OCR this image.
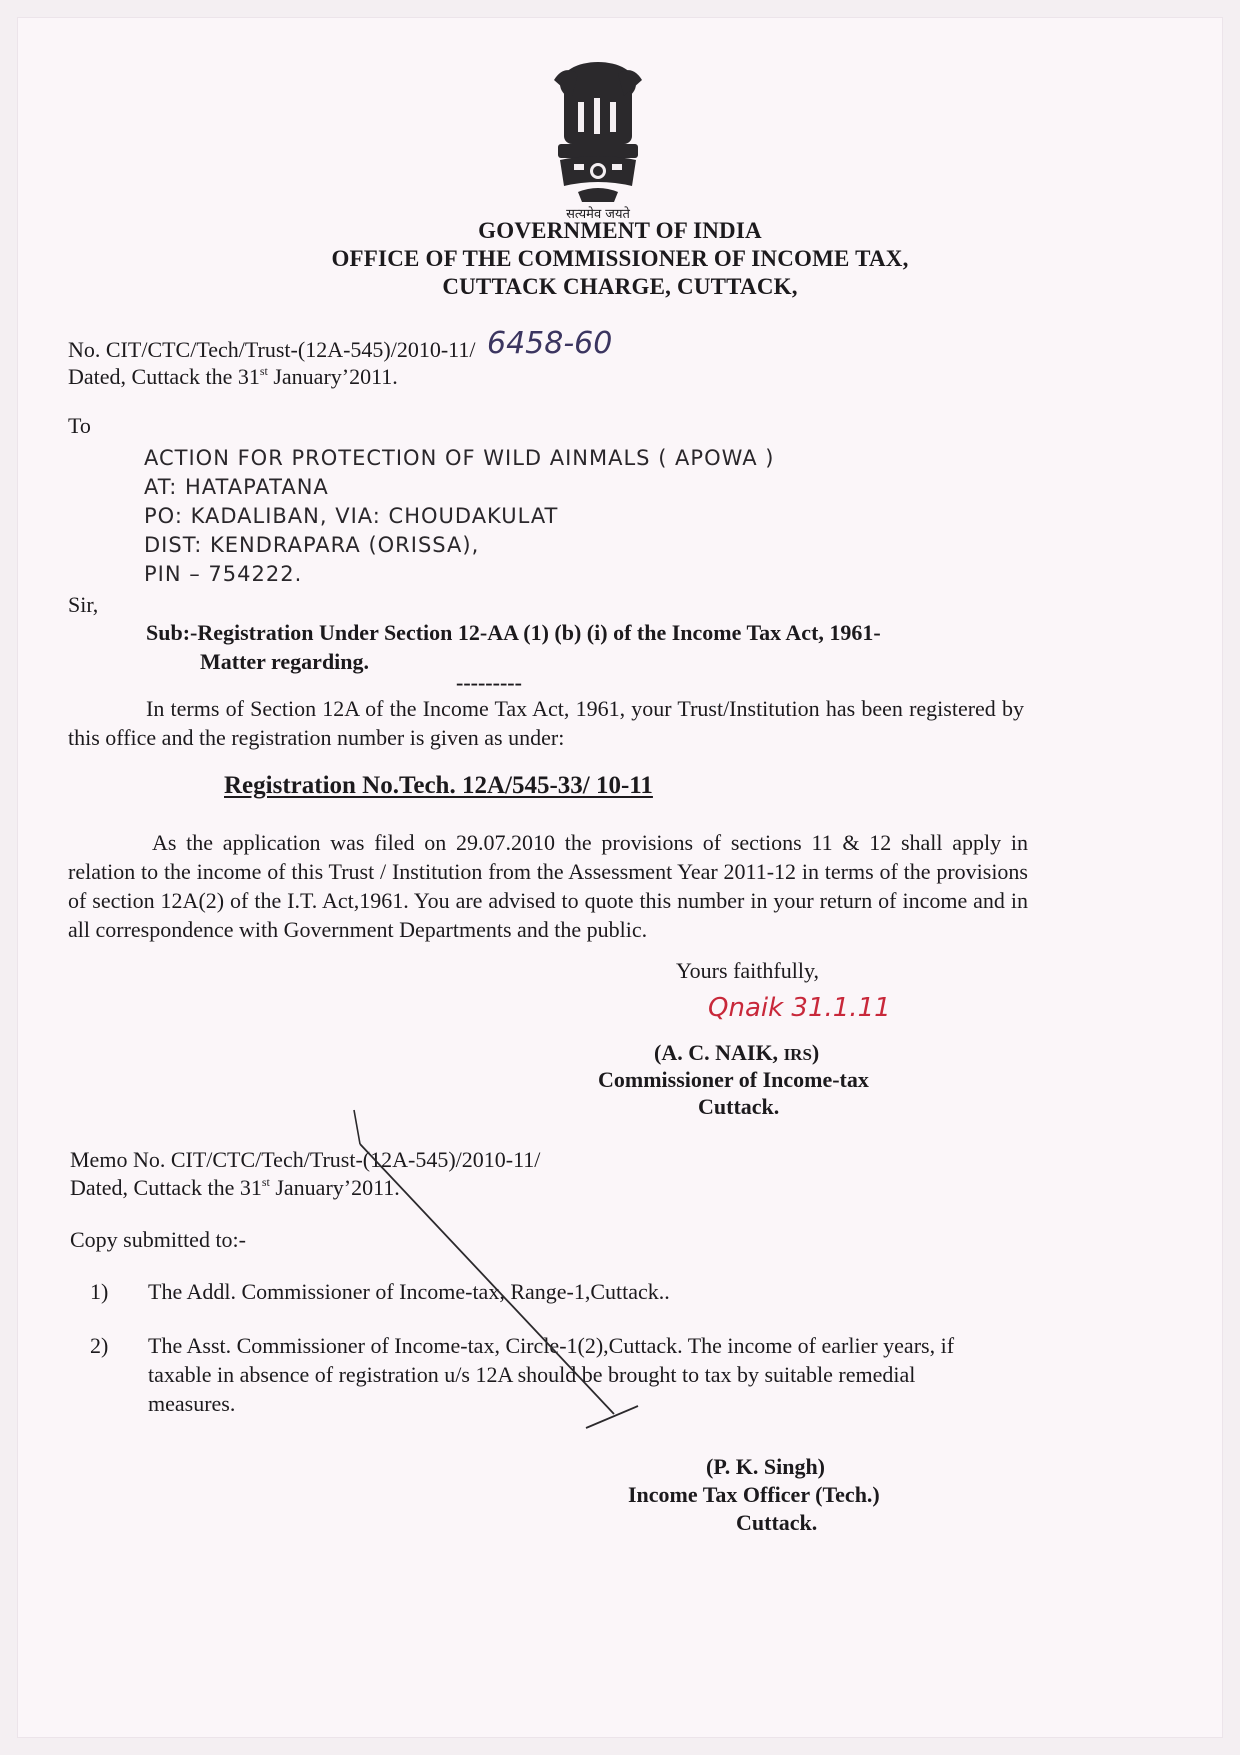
सत्यमेव जयते
GOVERNMENT OF INDIA
OFFICE OF THE COMMISSIONER OF INCOME TAX,
CUTTACK CHARGE, CUTTACK,
No. CIT/CTC/Tech/Trust-(12A-545)/2010-11/ 6458-60
Dated, Cuttack the 31st January’2011.
To
ACTION FOR PROTECTION OF WILD AINMALS ( APOWA )
AT: HATAPATANA
PO: KADALIBAN, VIA: CHOUDAKULAT
DIST: KENDRAPARA (ORISSA),
PIN – 754222.
Sir,
Sub:-Registration Under Section 12-AA (1) (b) (i) of the Income Tax Act, 1961-
Matter regarding.
---------
In terms of Section 12A of the Income Tax Act, 1961, your Trust/Institution has been registered by this office and the registration number is given as under:
Registration No.Tech. 12A/545-33/ 10-11
As the application was filed on 29.07.2010 the provisions of sections 11 & 12 shall apply in relation to the income of this Trust / Institution from the Assessment Year 2011-12 in terms of the provisions of section 12A(2) of the I.T. Act,1961. You are advised to quote this number in your return of income and in all correspondence with Government Departments and the public.
Yours faithfully,
Qnaik 31.1.11
(A. C. NAIK, IRS)
Commissioner of Income-tax
Cuttack.
Memo No. CIT/CTC/Tech/Trust-(12A-545)/2010-11/
Dated, Cuttack the 31st January’2011.
Copy submitted to:-
1) The Addl. Commissioner of Income-tax, Range-1,Cuttack..
2) The Asst. Commissioner of Income-tax, Circle-1(2),Cuttack. The income of earlier years, if taxable in absence of registration u/s 12A should be brought to tax by suitable remedial measures.
(P. K. Singh)
Income Tax Officer (Tech.)
Cuttack.
